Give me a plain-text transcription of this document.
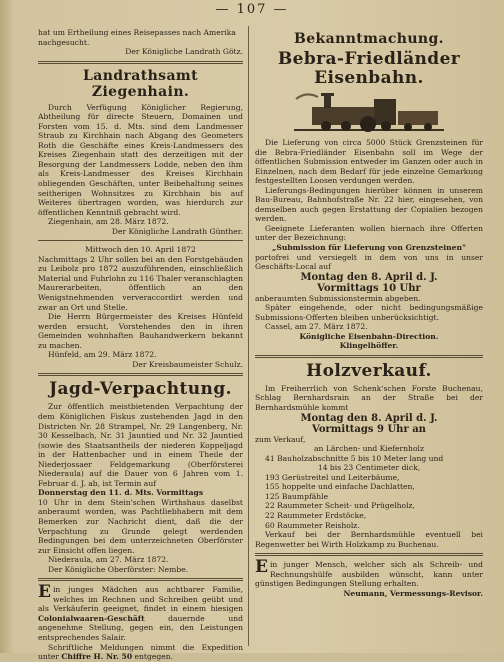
— 107 —

hat um Ertheilung eines Reisepasses nach Amerika

nachgesucht.

Der Königliche Landrath Götz.

Landrathsamt Ziegenhain.

Durch Verfügung Königlicher Regierung, Abtheilung für directe Steuern, Domainen und Forsten vom 15. d. Mts. sind dem Landmesser Straub zu Kirchhain nach Abgang des Geometers Roth die Geschäfte eines Kreis-Landmessers des Kreises Ziegenhain statt des derzeitigen mit der Besorgung der Landmessers Lodde, neben den ihm als Kreis-Landmesser des Kreises Kirchhain obliegenden Geschäften, unter Beibehaltung seines seitherigen Wohnsitzes zu Kirchhain bis auf Weiteres übertragen worden, was hierdurch zur öffentlichen Kenntniß gebracht wird.

Ziegenhain, am 28. März 1872.

Der Königliche Landrath Günther.

Mittwoch den 10. April 1872

Nachmittags 2 Uhr sollen bei an den Forstgebäuden zu Leibolz pro 1872 auszuführenden, einschließlich Material und Fuhrlohn zu 116 Thaler veranschlagten Maurerarbeiten, öffentlich an den Wenigstnehmenden ververaccordirt werden und zwar an Ort und Stelle.

Die Herrn Bürgermeister des Kreises Hünfeld werden ersucht, Vorstehendes den in ihren Gemeinden wohnhaften Bauhandwerkern bekannt zu machen.

Hünfeld, am 29. März 1872.

Der Kreisbaumeister Schulz.

Jagd-Verpachtung.

Zur öffentlich meistbietenden Verpachtung der dem Königlichen Fiskus zustehenden Jagd in den Districten Nr. 28 Strampel, Nr. 29 Langenberg, Nr. 30 Kesselbach, Nr. 31 Jauntied und Nr. 32 Jauntied (sowie des Staatsantheils der niederen Koppeljagd in der Hattenbacher und in einem Theile der Niederjossaer Feldgemarkung (Oberförsterei Niederaula) auf die Dauer von 6 Jahren vom 1. Februar d. J. ab, ist Termin auf

Donnerstag den 11. d. Mts. Vormittags

10 Uhr in dem Stein'schen Wirthshaus daselbst anberaumt worden, was Pachtliebhabern mit dem Bemerken zur Nachricht dient, daß die der Verpachtung zu Grunde gelegt werdenden Bedingungen bei dem unterzeichneten Oberförster zur Einsicht offen liegen.

Niederaula, am 27. März 1872.

Der Königliche Oberförster: Nembe.

Ein junges Mädchen aus achtbarer Familie, welches im Rechnen und Schreiben geübt und als Verkäuferin geeignet, findet in einem hiesigen Colonialwaaren-Geschäft	dauernde und angenehme Stellung, gegen ein, den Leistungen entsprechendes Salair.

Schriftliche Meldungen nimmt die Expedition unter Chiffre H. Nr. 50 entgegen.

Bekanntmachung.
Bebra-Friedländer Eisenbahn.

Die Lieferung von circa 5000 Stück Grenzsteinen für die Bebra-Friedländer Eisenbahn soll im Wege der öffentlichen Submission entweder im Ganzen oder auch in Einzelnen, nach dem Bedarf für jede einzelne Gemarkung festgestellten Loosen verdungen werden.

Lieferungs-Bedingungen hierüber können in unserem Bau-Bureau, Bahnhofstraße Nr. 22 hier, eingesehen, von demselben auch gegen Erstattung der Copialien bezogen werden.

Geeignete Lieferanten wollen hiernach ihre Offerten unter der Bezeichnung:

„Submission für Lieferung von Grenzsteinen"

portofrei und versiegelt in dem von uns in unser Geschäfts-Local auf

Montag den 8. April d. J.

Vormittags 10 Uhr

anberaumten Submissionstermin abgeben.

Später eingehende, oder nicht bedingungsmäßige Submissions-Offerten bleiben unberücksichtigt.

Cassel, am 27. März 1872.

Königliche Eisenbahn-Direction.

Klingelhöffer.

Holzverkauf.

Im Freiherrlich von Schenk'schen Forste Buchenau, Schlag Bernhardsrain an der Straße bei der Bernhardsmühle kommt

Montag den 8. April d. J.

Vormittags 9 Uhr an

zum Verkauf,

an Lärchen- und Kiefernholz

41 Bauholzabschnitte 5 bis 10 Meter lang und

14 bis 23 Centimeter dick,

193 Gerüstreitel und Leiterbäume,

155 hoppelte und einfache Dachlatten,

125 Baumpfähle

22 Raummeter Scheit- und Prügelholz,

22 Raummeter Erdstöcke,

60 Raummeter Reisholz.

Verkauf bei der Bernhardsmühle eventuell bei Regenwetter bei Wirth Holzkamp zu Buchenau.

Ein junger Mensch, welcher sich als Schreib- und Rechnungshülfe ausbilden wünscht, kann unter günstigen Bedingungen Stellung erhalten.

Neumann, Vermessungs-Revisor.
